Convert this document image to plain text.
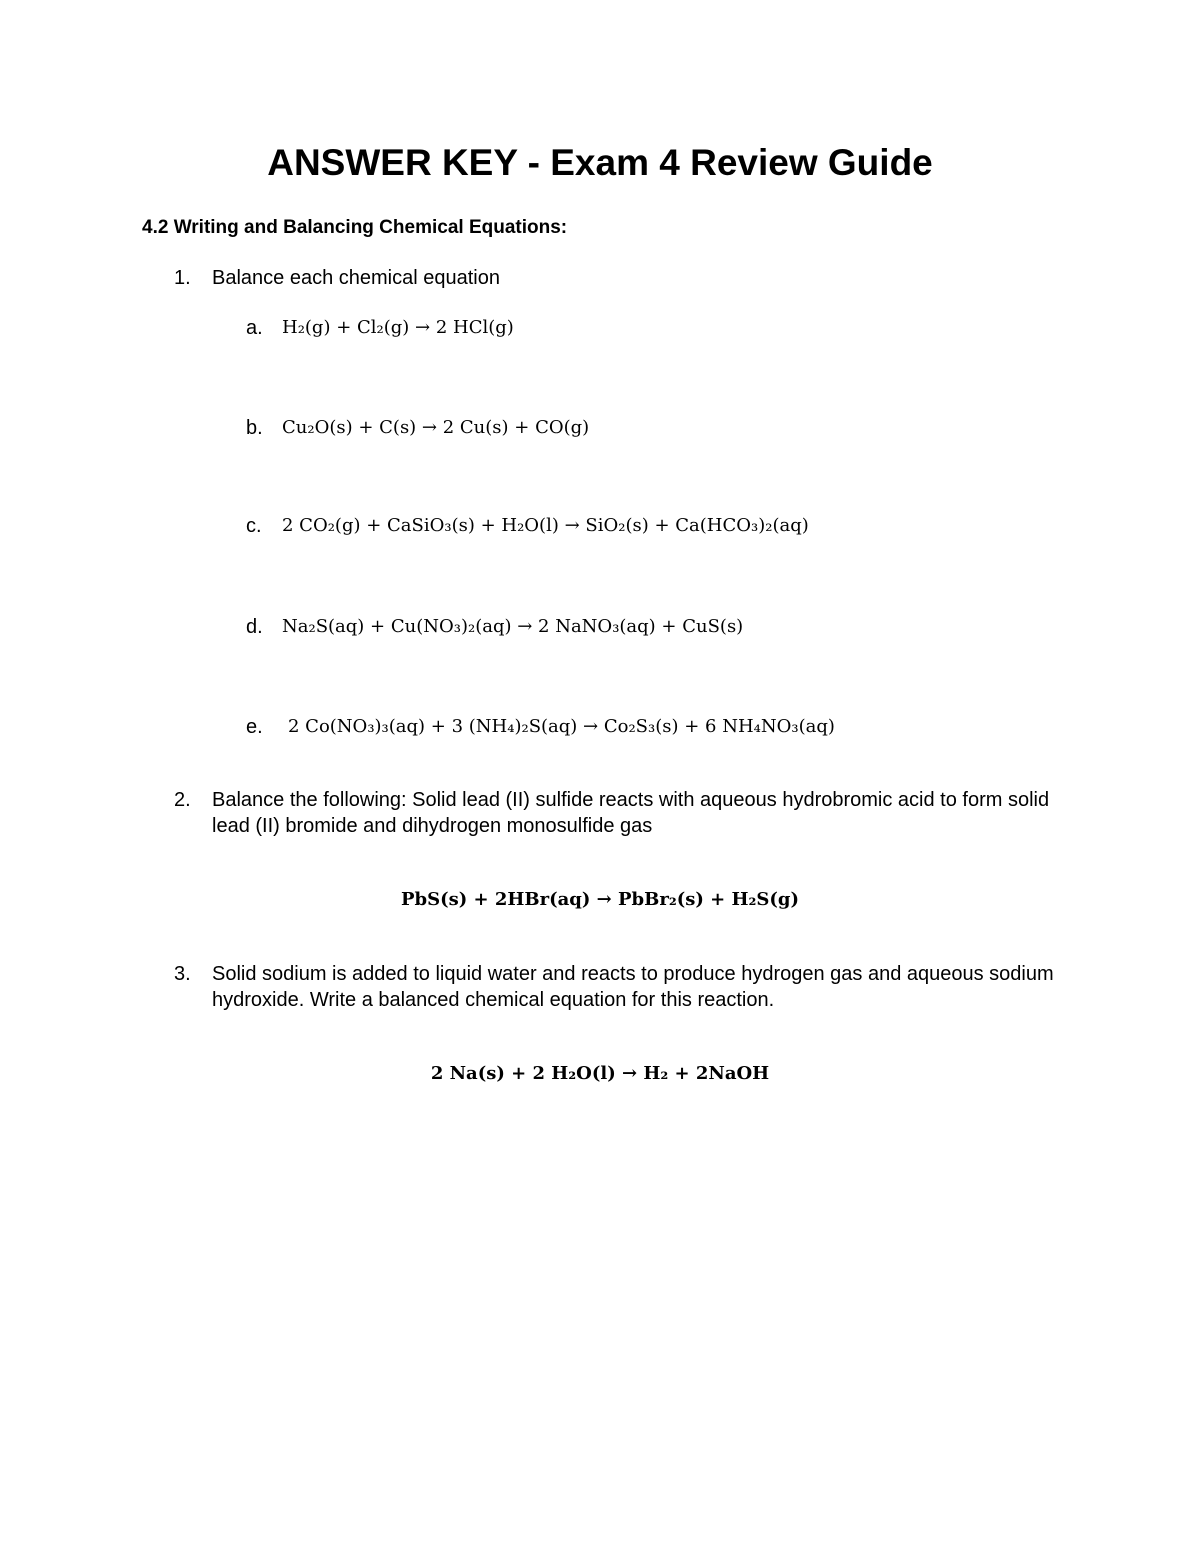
ANSWER KEY - Exam 4 Review Guide
4.2 Writing and Balancing Chemical Equations:
1.	Balance each chemical equation
a. H₂(g) + Cl₂(g) → 2 HCl(g)
b. Cu₂O(s) + C(s) → 2 Cu(s) + CO(g)
c. 2 CO₂(g) + CaSiO₃(s) + H₂O(l) → SiO₂(s) + Ca(HCO₃)₂(aq)
d. Na₂S(aq) + Cu(NO₃)₂(aq) → 2 NaNO₃(aq) + CuS(s)
e. 2 Co(NO₃)₃(aq) + 3 (NH₄)₂S(aq) → Co₂S₃(s) + 6 NH₄NO₃(aq)
2.	Balance the following: Solid lead (II) sulfide reacts with aqueous hydrobromic acid to form solid lead (II) bromide and dihydrogen monosulfide gas
PbS(s) + 2HBr(aq) → PbBr₂(s) + H₂S(g)
3.	Solid sodium is added to liquid water and reacts to produce hydrogen gas and aqueous sodium hydroxide. Write a balanced chemical equation for this reaction.
2 Na(s) + 2 H₂O(l) → H₂ + 2NaOH
